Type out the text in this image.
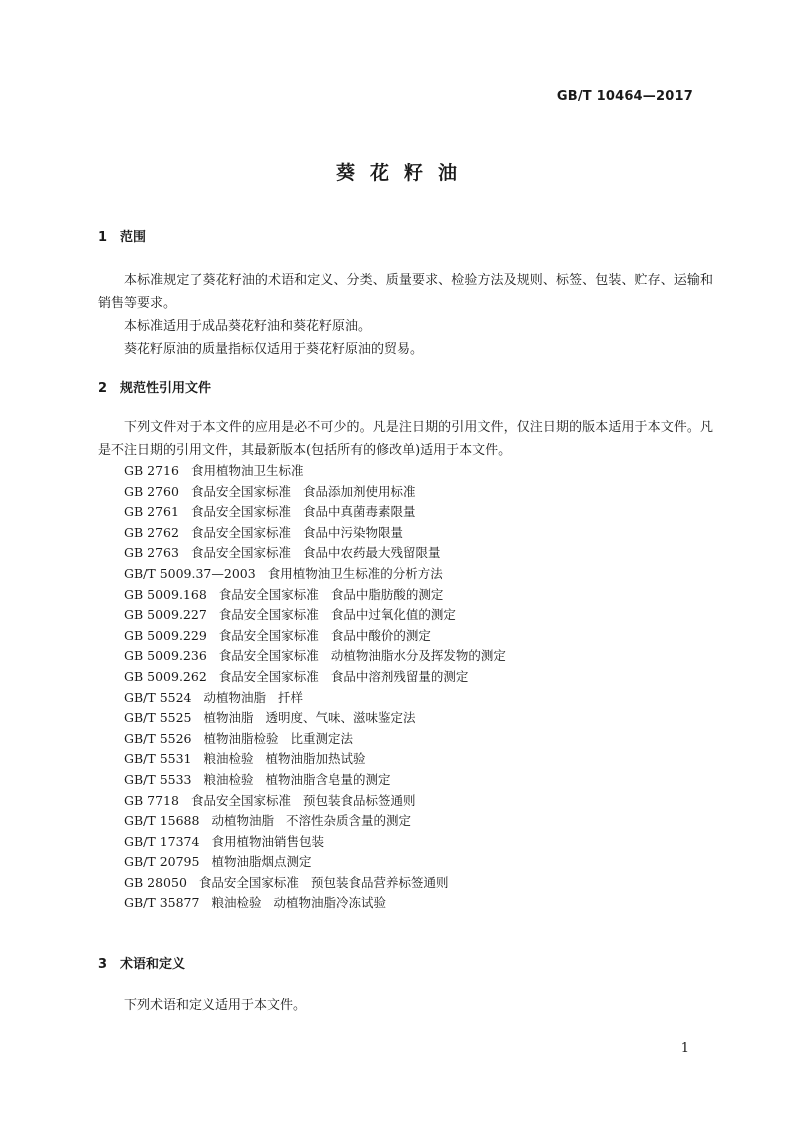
GB/T 10464—2017
葵花籽油
1 范围
本标准规定了葵花籽油的术语和定义、分类、质量要求、检验方法及规则、标签、包装、贮存、运输和销售等要求。
本标准适用于成品葵花籽油和葵花籽原油。
葵花籽原油的质量指标仅适用于葵花籽原油的贸易。
2 规范性引用文件
下列文件对于本文件的应用是必不可少的。凡是注日期的引用文件，仅注日期的版本适用于本文件。凡是不注日期的引用文件，其最新版本(包括所有的修改单)适用于本文件。
GB 2716 食用植物油卫生标准
GB 2760 食品安全国家标准 食品添加剂使用标准
GB 2761 食品安全国家标准 食品中真菌毒素限量
GB 2762 食品安全国家标准 食品中污染物限量
GB 2763 食品安全国家标准 食品中农药最大残留限量
GB/T 5009.37—2003 食用植物油卫生标准的分析方法
GB 5009.168 食品安全国家标准 食品中脂肪酸的测定
GB 5009.227 食品安全国家标准 食品中过氧化值的测定
GB 5009.229 食品安全国家标准 食品中酸价的测定
GB 5009.236 食品安全国家标准 动植物油脂水分及挥发物的测定
GB 5009.262 食品安全国家标准 食品中溶剂残留量的测定
GB/T 5524 动植物油脂 扦样
GB/T 5525 植物油脂 透明度、气味、滋味鉴定法
GB/T 5526 植物油脂检验 比重测定法
GB/T 5531 粮油检验 植物油脂加热试验
GB/T 5533 粮油检验 植物油脂含皂量的测定
GB 7718 食品安全国家标准 预包装食品标签通则
GB/T 15688 动植物油脂 不溶性杂质含量的测定
GB/T 17374 食用植物油销售包装
GB/T 20795 植物油脂烟点测定
GB 28050 食品安全国家标准 预包装食品营养标签通则
GB/T 35877 粮油检验 动植物油脂冷冻试验
3 术语和定义
下列术语和定义适用于本文件。
1
